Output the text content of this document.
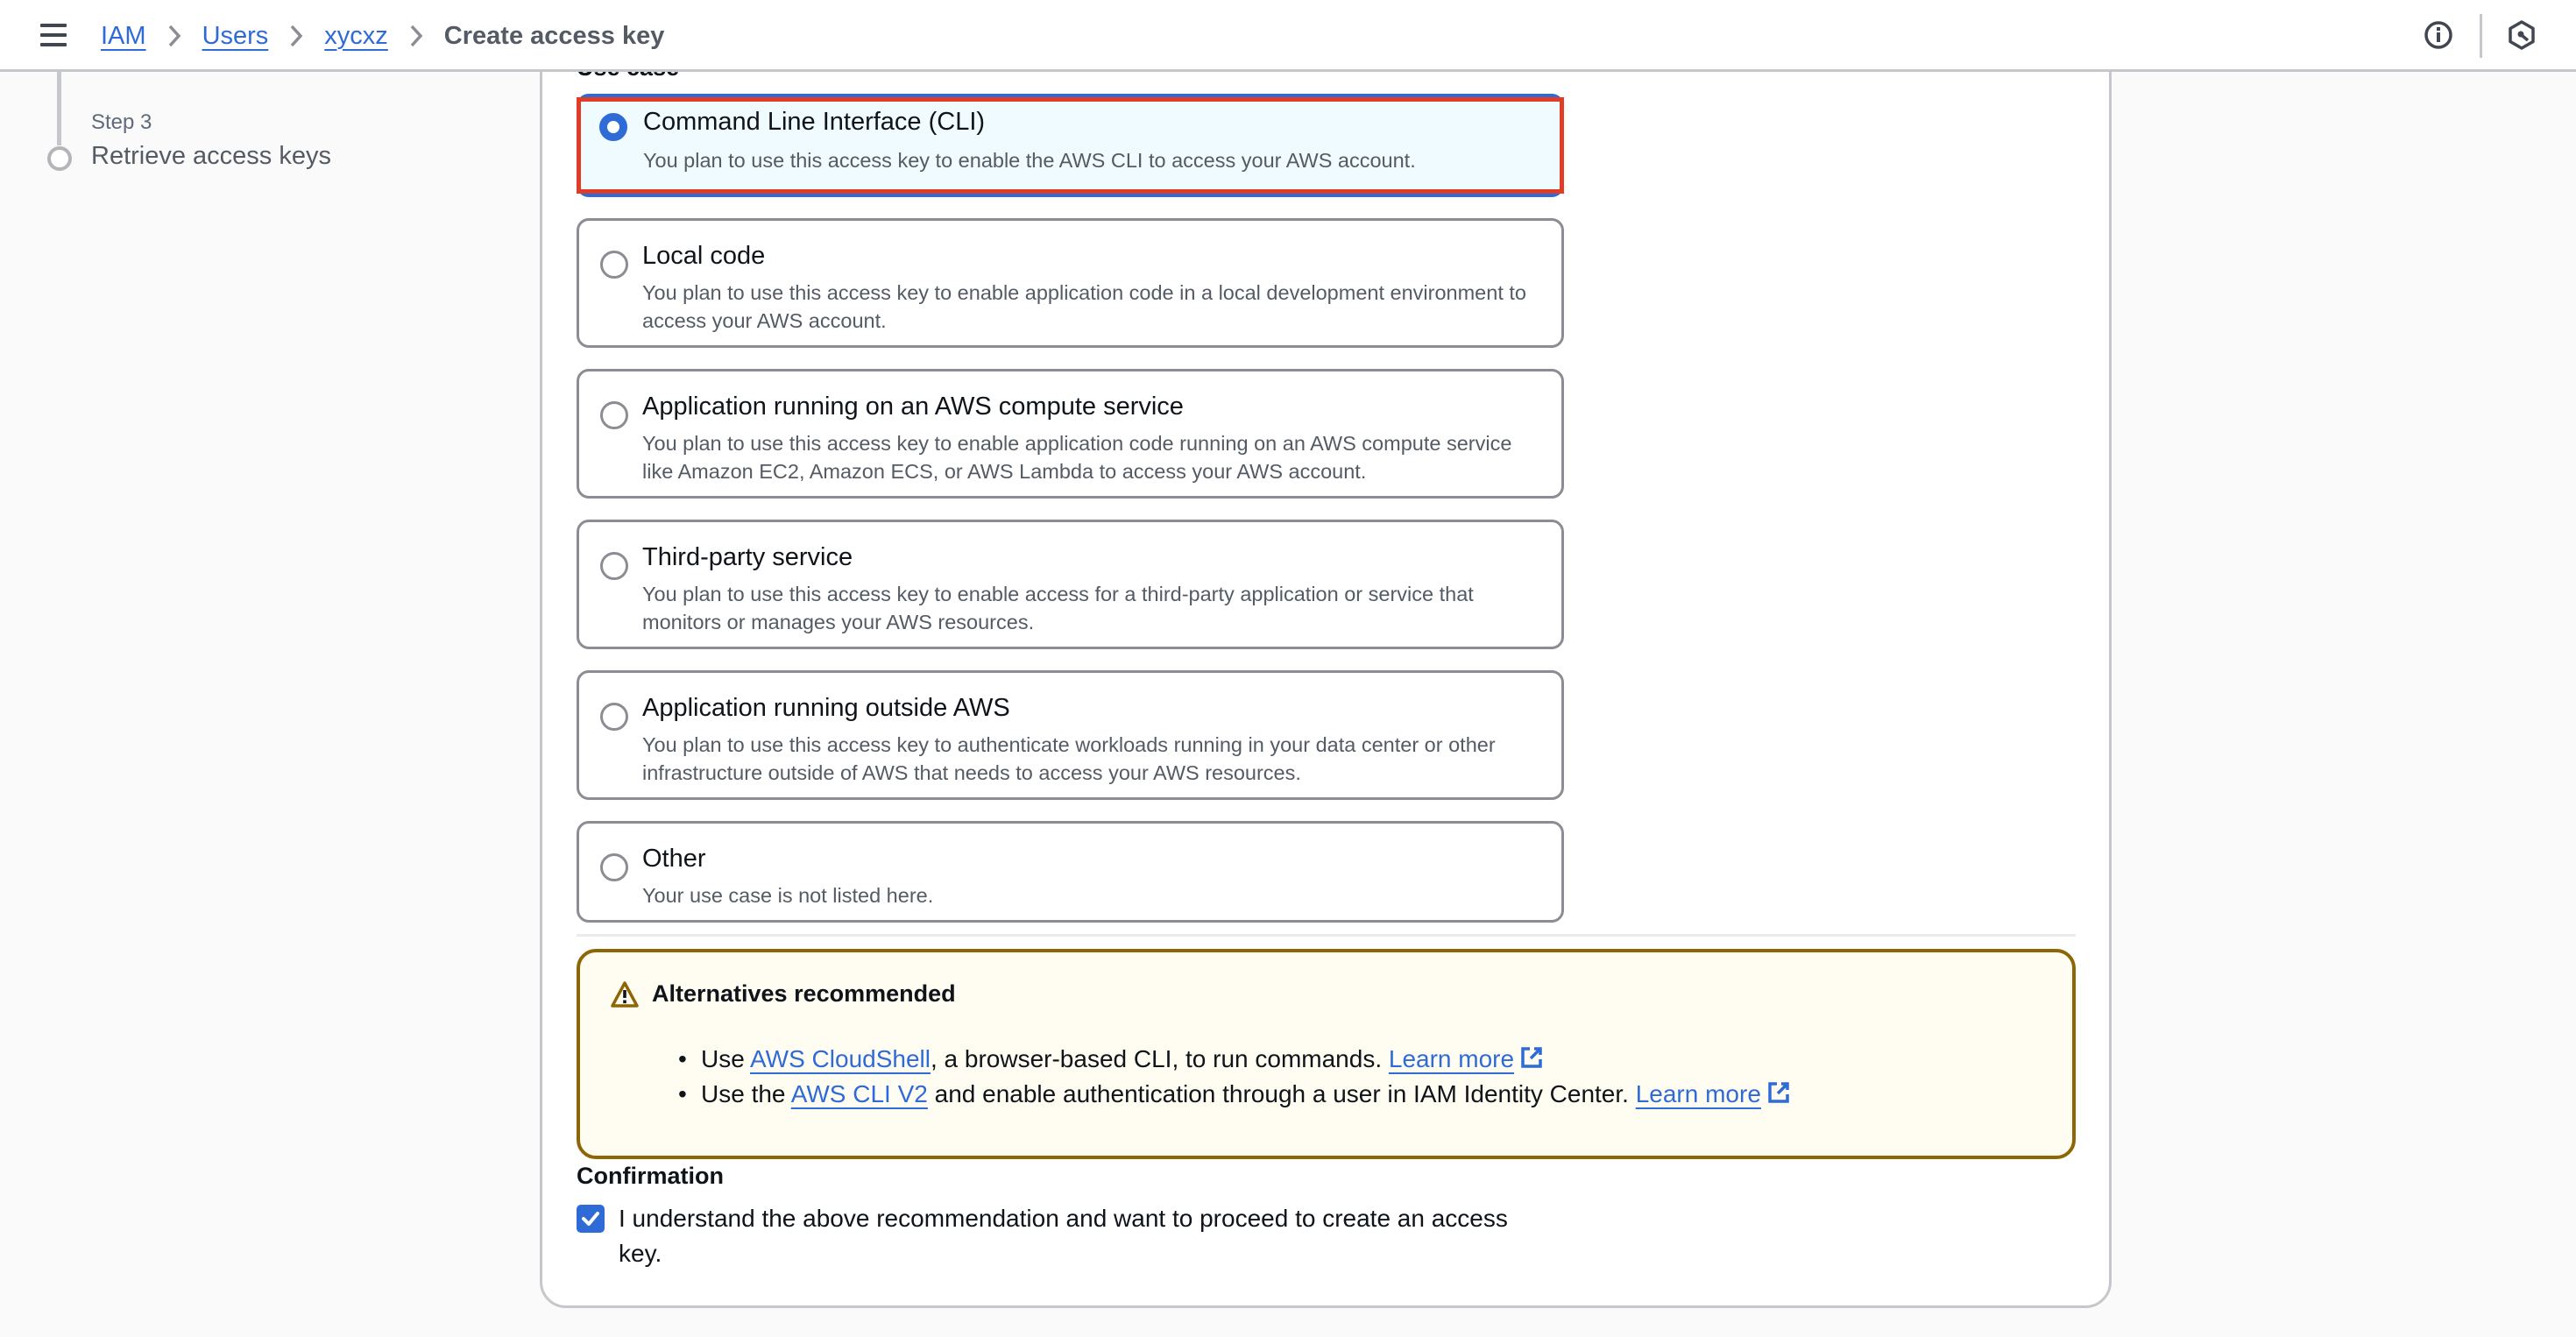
IAM Users xycxz Create access key
Step 3
Retrieve access keys
Command Line Interface (CLI)
You plan to use this access key to enable the AWS CLI to access your AWS account.
Local code
You plan to use this access key to enable application code in a local development environment to access your AWS account.
Application running on an AWS compute service
You plan to use this access key to enable application code running on an AWS compute service like Amazon EC2, Amazon ECS, or AWS Lambda to access your AWS account.
Third-party service
You plan to use this access key to enable access for a third-party application or service that monitors or manages your AWS resources.
Application running outside AWS
You plan to use this access key to authenticate workloads running in your data center or other infrastructure outside of AWS that needs to access your AWS resources.
Other
Your use case is not listed here.
Alternatives recommended
• Use AWS CloudShell, a browser-based CLI, to run commands. Learn more
• Use the AWS CLI V2 and enable authentication through a user in IAM Identity Center. Learn more
Confirmation
I understand the above recommendation and want to proceed to create an access key.
